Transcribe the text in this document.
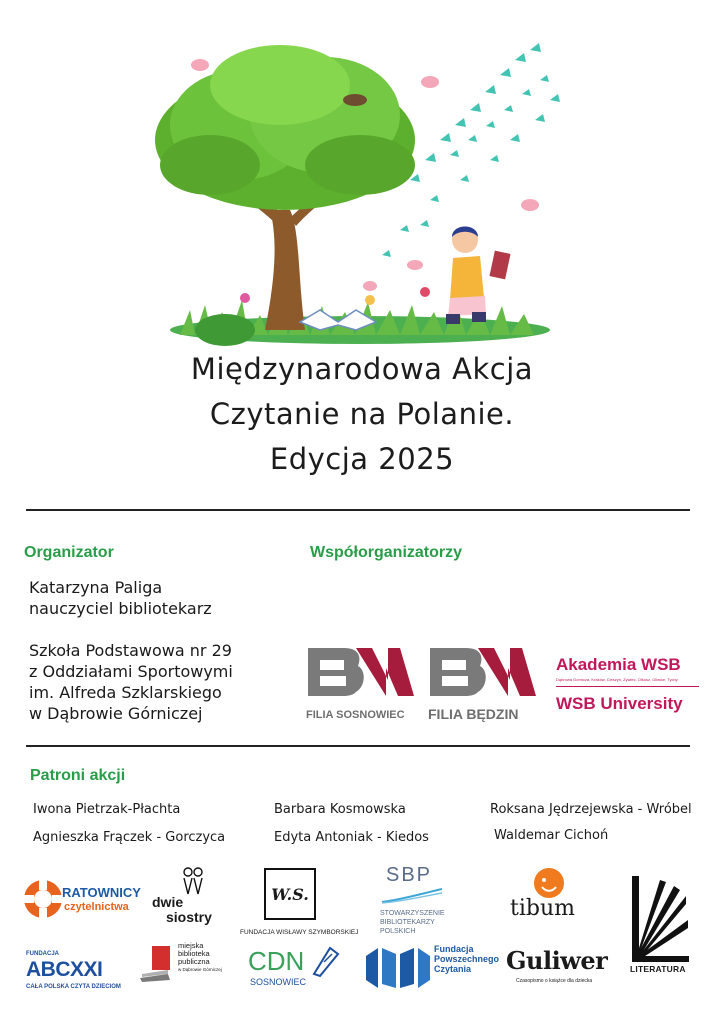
Międzynarodowa Akcja
Czytanie na Polanie.
Edycja 2025
Organizator
Katarzyna Paliga
nauczyciel bibliotekarz
Szkoła Podstawowa nr 29
z Oddziałami Sportowymi
im. Alfreda Szklarskiego
w Dąbrowie Górniczej
Współorganizatorzy
FILIA SOSNOWIEC FILIA BĘDZIN
Akademia WSB
Dąbrowa Górnicza, Kraków, Cieszyn, Żywiec, Olkusz, Gliwice, Tychy
WSB University
Patroni akcji
Iwona Pietrzak-Płachta	Barbara Kosmowska	Roksana Jędrzejewska - Wróbel
Agnieszka Frączek - Gorczyca	Edyta Antoniak - Kiedos	Waldemar Cichoń
RATOWNICY
czytelnictwa dwie
siostry
W.S.
FUNDACJA WISŁAWY SZYMBORSKIEJ
SBP
STOWARZYSZENIE
BIBLIOTEKARZY
POLSKICH
tibum
LITERATURA
FUNDACJA
ABCXXI
CAŁA POLSKA CZYTA DZIECIOM
miejska
biblioteka
publiczna
w Dąbrowie Górniczej CDN
SOSNOWIEC
Fundacja
Powszechnego
Czytania	Guliwer
Czasopismo o książce dla dziecka
